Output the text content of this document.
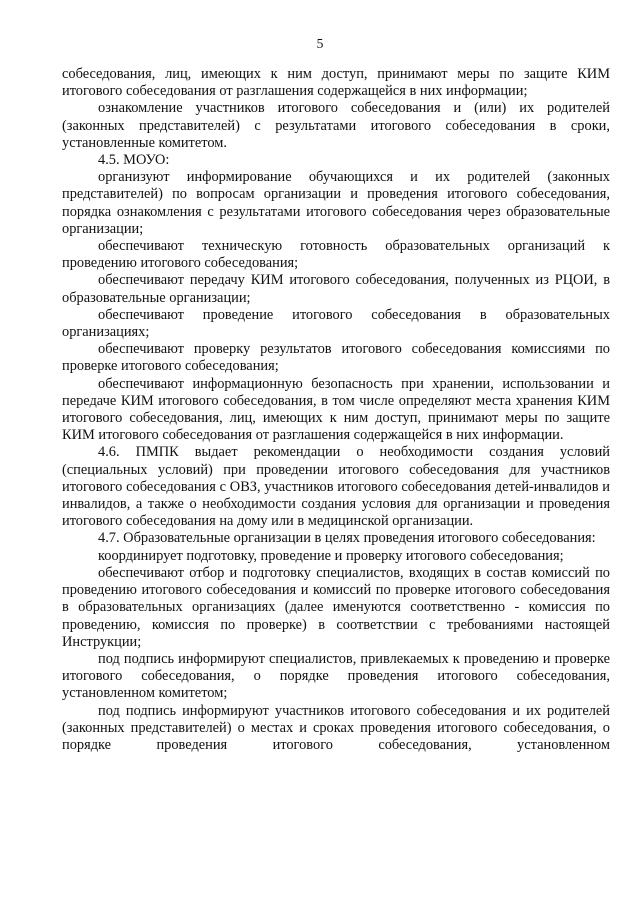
5

собеседования, лиц, имеющих к ним доступ, принимают меры по защите КИМ итогового собеседования от разглашения содержащейся в них информации;

ознакомление участников итогового собеседования и (или) их родителей (законных представителей) с результатами итогового собеседования в сроки, установленные комитетом.

4.5. МОУО:

организуют информирование обучающихся и их родителей (законных представителей) по вопросам организации и проведения итогового собеседования, порядка ознакомления с результатами итогового собеседования через образовательные организации;

обеспечивают техническую готовность образовательных организаций к проведению итогового собеседования;

обеспечивают передачу КИМ итогового собеседования, полученных из РЦОИ, в образовательные организации;

обеспечивают проведение итогового собеседования в образовательных организациях;

обеспечивают проверку результатов итогового собеседования комиссиями по проверке итогового собеседования;

обеспечивают информационную безопасность при хранении, использовании и передаче КИМ итогового собеседования, в том числе определяют места хранения КИМ итогового собеседования, лиц, имеющих к ним доступ, принимают меры по защите КИМ итогового собеседования от разглашения содержащейся в них информации.

4.6. ПМПК выдает рекомендации о необходимости создания условий (специальных условий) при проведении итогового собеседования для участников итогового собеседования с ОВЗ, участников итогового собеседования детей-инвалидов и инвалидов, а также о необходимости создания условия для организации и проведения итогового собеседования на дому или в медицинской организации.

4.7. Образовательные организации в целях проведения итогового собеседования:

координирует подготовку, проведение и проверку итогового собеседования;

обеспечивают отбор и подготовку специалистов, входящих в состав комиссий по проведению итогового собеседования и комиссий по проверке итогового собеседования в образовательных организациях (далее именуются соответственно - комиссия по проведению, комиссия по проверке) в соответствии с требованиями настоящей Инструкции;

под подпись информируют специалистов, привлекаемых к проведению и проверке итогового собеседования, о порядке проведения итогового собеседования, установленном комитетом;

под подпись информируют участников итогового собеседования и их родителей (законных представителей) о местах и сроках проведения итогового собеседования, о порядке проведения итогового собеседования, установленном
